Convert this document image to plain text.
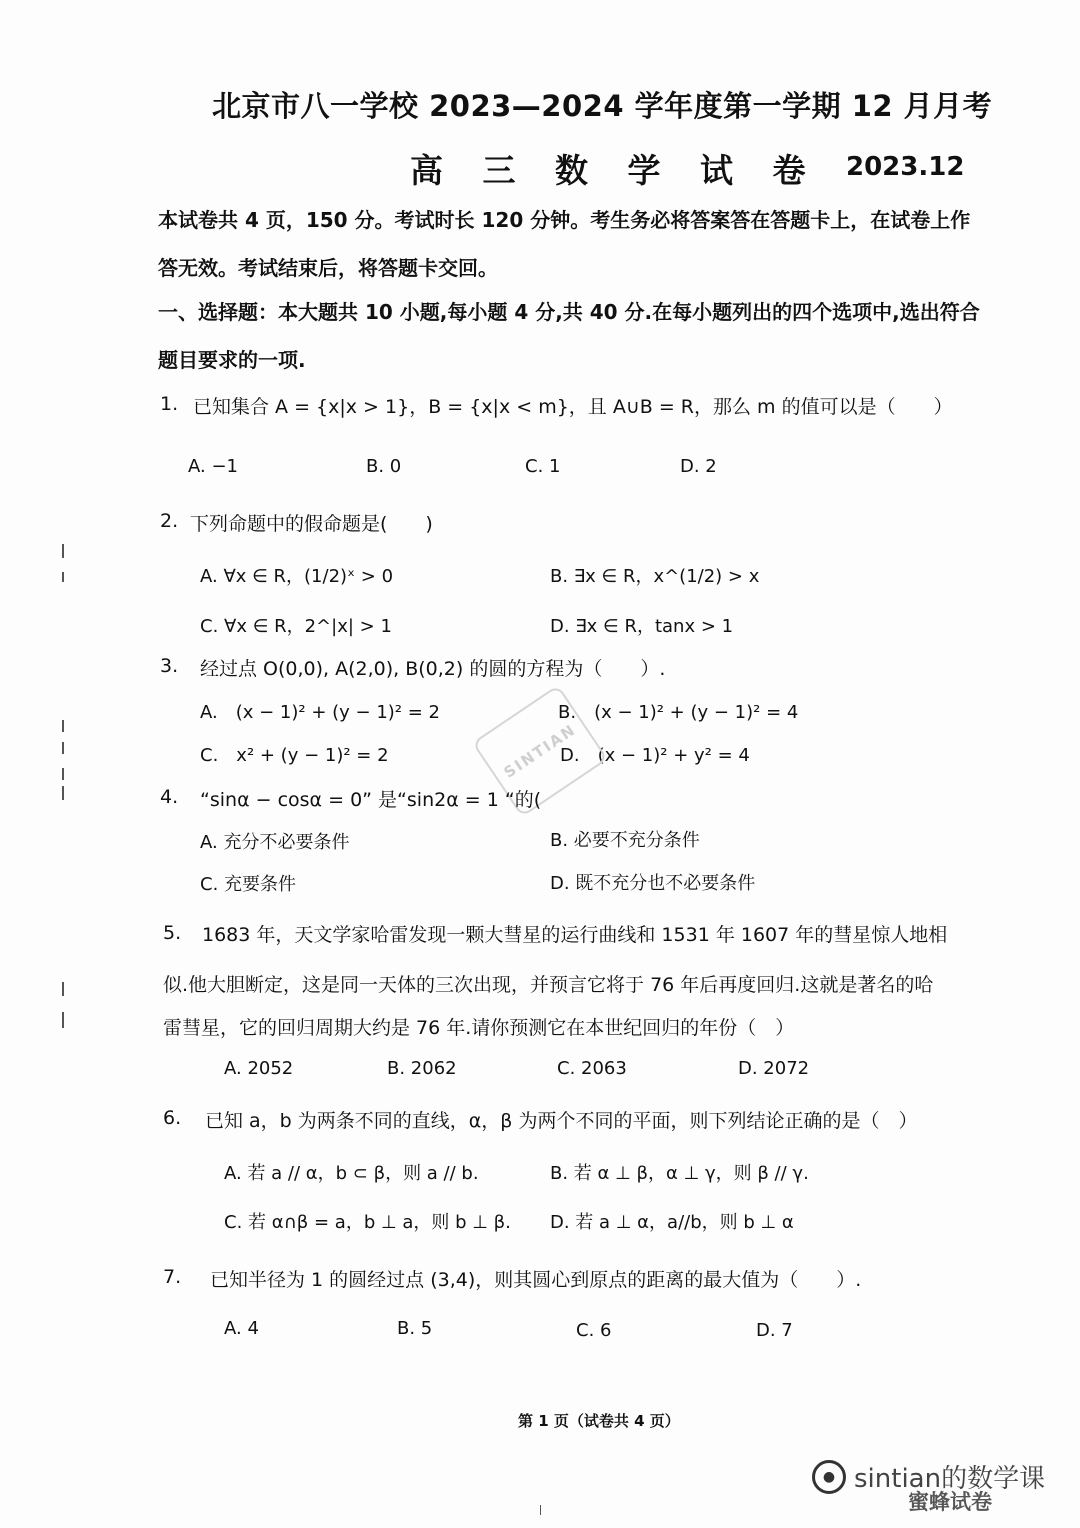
北京市八一学校 2023—2024 学年度第一学期 12 月月考
高 三 数 学 试 卷 2023.12
本试卷共 4 页，150 分。考试时长 120 分钟。考生务必将答案答在答题卡上，在试卷上作
答无效。考试结束后，将答题卡交回。
一、选择题：本大题共 10 小题,每小题 4 分,共 40 分.在每小题列出的四个选项中,选出符合
题目要求的一项.
1. 已知集合 A = {x|x > 1}，B = {x|x < m}，且 A∪B = R，那么 m 的值可以是（　　）
A. −1	B. 0	C. 1	D. 2
2. 下列命题中的假命题是(　　)
A. ∀x ∈ R，(1/2)ˣ > 0	B. ∃x ∈ R，x^(1/2) > x
C. ∀x ∈ R，2^|x| > 1	D. ∃x ∈ R，tanx > 1
3. 经过点 O(0,0), A(2,0), B(0,2) 的圆的方程为（　　）.
A.　(x − 1)² + (y − 1)² = 2	B.　(x − 1)² + (y − 1)² = 4
C.　x² + (y − 1)² = 2	D.　(x − 1)² + y² = 4
SINTIAN
4. “sinα − cosα = 0” 是“sin2α = 1 “的(
A. 充分不必要条件	B. 必要不充分条件
C. 充要条件	D. 既不充分也不必要条件
5. 1683 年，天文学家哈雷发现一颗大彗星的运行曲线和 1531 年 1607 年的彗星惊人地相
似.他大胆断定，这是同一天体的三次出现，并预言它将于 76 年后再度回归.这就是著名的哈
雷彗星，它的回归周期大约是 76 年.请你预测它在本世纪回归的年份（　）
A. 2052	B. 2062	C. 2063	D. 2072
6. 已知 a，b 为两条不同的直线，α，β 为两个不同的平面，则下列结论正确的是（　）
A. 若 a // α，b ⊂ β，则 a // b.	B. 若 α ⊥ β，α ⊥ γ，则 β // γ.
C. 若 α∩β = a，b ⊥ a，则 b ⊥ β. D. 若 a ⊥ α，a//b，则 b ⊥ α
7. 已知半径为 1 的圆经过点 (3,4)，则其圆心到原点的距离的最大值为（　　）.
A. 4	B. 5	C. 6	D. 7
第 1 页（试卷共 4 页）
● sintian的数学课
蜜蜂试卷
